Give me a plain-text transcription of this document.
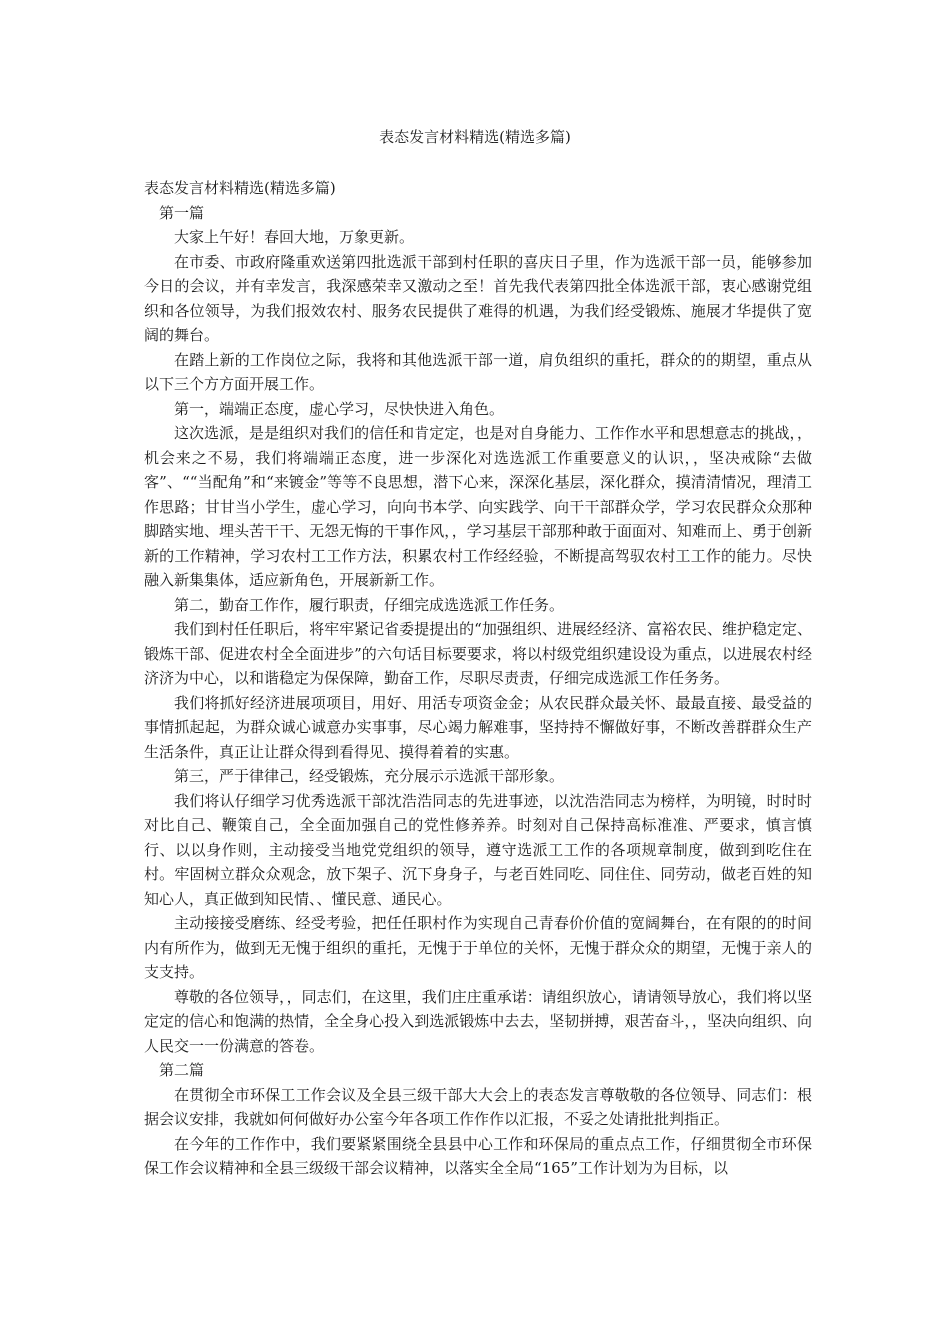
表态发言材料精选(精选多篇)

表态发言材料精选(精选多篇)

第一篇

大家上午好！春回大地，万象更新。

在市委、市政府隆重欢送第四批选派干部到村任职的喜庆日子里，作为选派干部一员，能够参加今日的会议，并有幸发言，我深感荣幸又激动之至！首先我代表第四批全体选派干部，衷心感谢党组织和各位领导，为我们报效农村、服务农民提供了难得的机遇，为我们经受锻炼、施展才华提供了宽阔的舞台。

在踏上新的工作岗位之际，我将和其他选派干部一道，肩负组织的重托，群众的的期望，重点从以下三个方方面开展工作。

第一，端端正态度，虚心学习，尽快快进入角色。

这次选派，是是组织对我们的信任和肯定定，也是对自身能力、工作作水平和思想意志的挑战，，机会来之不易，我们将端端正态度，进一步深化对选选派工作重要意义的认识，，坚决戒除“去做客”、““当配角”和“来镀金”等等不良思想，潜下心来，深深化基层，深化群众，摸清清情况，理清工作思路；甘甘当小学生，虚心学习，向向书本学、向实践学、向干干部群众学，学习农民群众众那种脚踏实地、埋头苦干干、无怨无悔的干事作风，，学习基层干部那种敢于面面对、知难而上、勇于创新新的工作精神，学习农村工工作方法，积累农村工作经经验，不断提高驾驭农村工工作的能力。尽快融入新集集体，适应新角色，开展新新工作。

第二，勤奋工作作，履行职责，仔细完成选选派工作任务。

我们到村任任职后，将牢牢紧记省委提提出的“加强组织、进展经经济、富裕农民、维护稳定定、锻炼干部、促进农村全全面进步”的六句话目标要要求，将以村级党组织建设设为重点，以进展农村经济济为中心，以和谐稳定为保保障，勤奋工作，尽职尽责责，仔细完成选派工作任务务。

我们将抓好经济进展项项目，用好、用活专项资金金；从农民群众最关怀、最最直接、最受益的事情抓起起，为群众诚心诚意办实事事，尽心竭力解难事，坚持持不懈做好事，不断改善群群众生产生活条件，真正让让群众得到看得见、摸得着着的实惠。

第三，严于律律己，经受锻炼，充分展示示选派干部形象。

我们将认仔细学习优秀选派干部沈浩浩同志的先进事迹，以沈浩浩同志为榜样，为明镜，时时时对比自己、鞭策自己，全全面加强自己的党性修养养。时刻对自己保持高标准准、严要求，慎言慎行、以以身作则，主动接受当地党党组织的领导，遵守选派工工作的各项规章制度，做到到吃住在村。牢固树立群众众观念，放下架子、沉下身身子，与老百姓同吃、同住住、同劳动，做老百姓的知知心人，真正做到知民情、、懂民意、通民心。

主动接接受磨练、经受考验，把任任职村作为实现自己青春价价值的宽阔舞台，在有限的的时间内有所作为，做到无无愧于组织的重托，无愧于于单位的关怀，无愧于群众众的期望，无愧于亲人的支支持。

尊敬的各位领导，，同志们，在这里，我们庄庄重承诺：请组织放心，请请领导放心，我们将以坚定定的信心和饱满的热情，全全身心投入到选派锻炼中去去，坚韧拼搏，艰苦奋斗，，坚决向组织、向人民交一一份满意的答卷。

第二篇

在贯彻全市环保工工作会议及全县三级干部大大会上的表态发言尊敬敬的各位领导、同志们：根据会议安排，我就如何何做好办公室今年各项工作作作以汇报，不妥之处请批批判指正。

在今年的工作作中，我们要紧紧围绕全县县中心工作和环保局的重点点工作，仔细贯彻全市环保保工作会议精神和全县三级级干部会议精神，以落实全全局“165”工作计划为为目标，以
